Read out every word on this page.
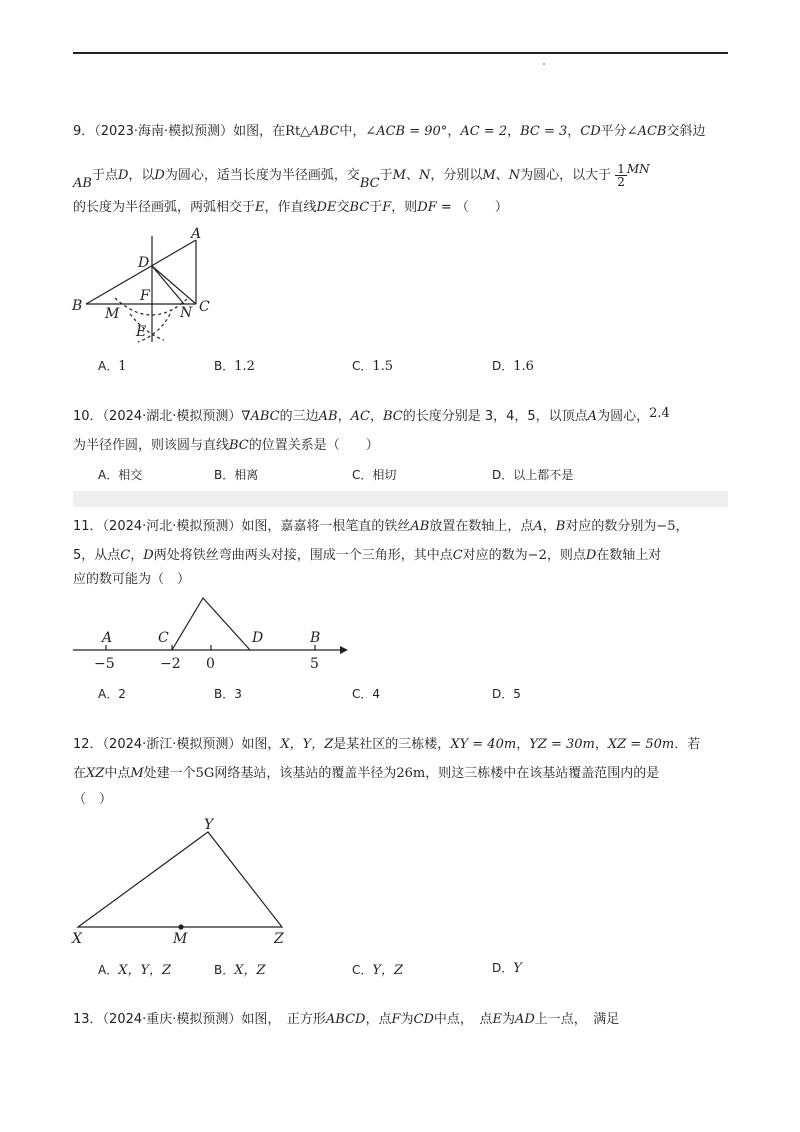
9．（2023·海南·模拟预测）如图，在Rt△ABC中，∠ACB = 90°，AC = 2，BC = 3，CD平分∠ACB交斜边
AB于点D，以D为圆心，适当长度为半径画弧，交BC于M、N，分别以M、N为圆心，以大于 $\frac{1}{2}$ MN
的长度为半径画弧，两弧相交于E，作直线DE交BC于F，则DF = （　　）
A
B	C
D
F
M	N
E
A．1	B．1.2	C．1.5	D．1.6
10．（2024·湖北·模拟预测）∇ABC的三边AB，AC，BC的长度分别是 3，4，5，以顶点A为圆心，2.4
为半径作圆，则该圆与直线BC的位置关系是（　　）
A．相交	B．相离	C．相切	D．以上都不是
11．（2024·河北·模拟预测）如图，嘉嘉将一根笔直的铁丝AB放置在数轴上，点A，B对应的数分别为−5，
5，从点C，D两处将铁丝弯曲两头对接，围成一个三角形，其中点C对应的数为−2，则点D在数轴上对
应的数可能为（　）
A	C	D	B
−5	−2 0	5
A．2	B．3	C．4	D．5
12．（2024·浙江·模拟预测）如图，X，Y，Z是某社区的三栋楼，XY = 40m，YZ = 30m，XZ = 50m．若
在XZ中点M处建一个5G网络基站，该基站的覆盖半径为26m，则这三栋楼中在该基站覆盖范围内的是
（　）
Y
X	Z
M
A．X，Y，Z	B．X，Z	C．Y，Z	D．Y
13．（2024·重庆·模拟预测）如图，　正方形ABCD，点F为CD中点，　点E为AD上一点，　满足
